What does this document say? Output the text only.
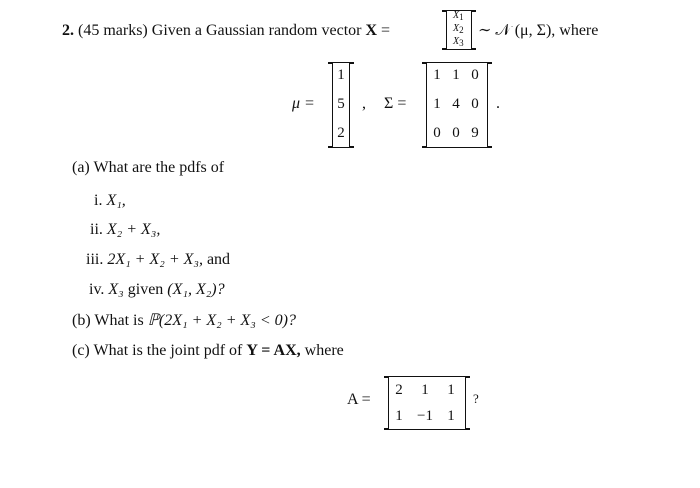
2. (45 marks) Given a Gaussian random vector X =
X1
X2
X3
∼ 𝒩 (μ, Σ), where
μ =
1
5
2
, Σ =
1 1 0
1 4 0
0 0 9
.
(a) What are the pdfs of
i. X₁,
ii. X₂ + X₃,
iii. 2X₁ + X₂ + X₃, and
iv. X₃ given (X₁, X₂)?
(b) What is ℙ(2X₁ + X₂ + X₃ < 0)?
(c) What is the joint pdf of Y = AX, where
A =
2	1	1
1 −1 1
?
